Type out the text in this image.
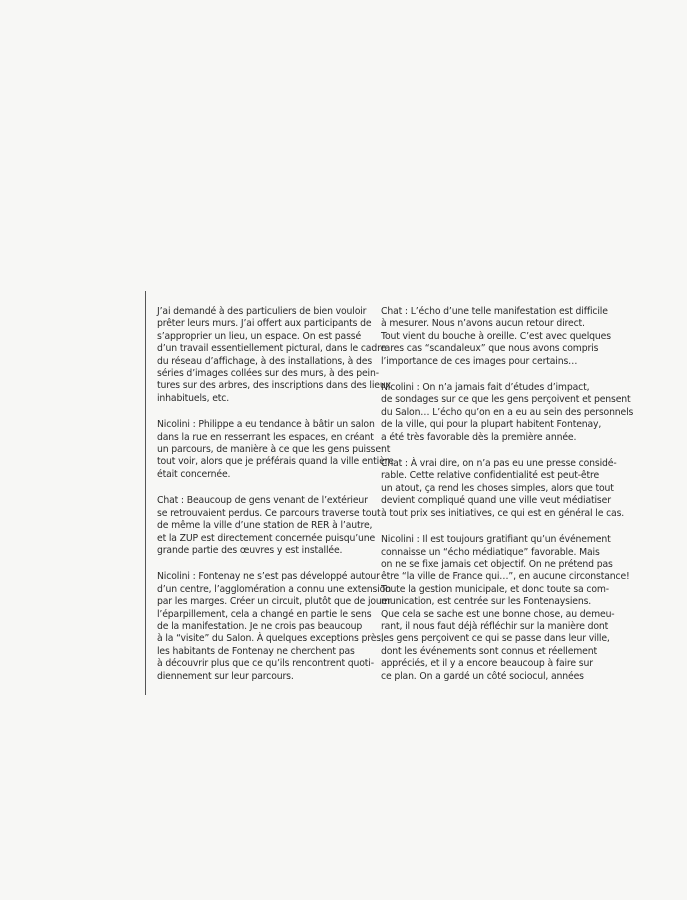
J’ai demandé à des particuliers de bien vouloir
prêter leurs murs. J’ai offert aux participants de
s’approprier un lieu, un espace. On est passé
d’un travail essentiellement pictural, dans le cadre
du réseau d’affichage, à des installations, à des
séries d’images collées sur des murs, à des pein-
tures sur des arbres, des inscriptions dans des lieux
inhabituels, etc.

Nicolini : Philippe a eu tendance à bâtir un salon
dans la rue en resserrant les espaces, en créant
un parcours, de manière à ce que les gens puissent
tout voir, alors que je préférais quand la ville entière
était concernée.

Chat : Beaucoup de gens venant de l’extérieur
se retrouvaient perdus. Ce parcours traverse tout
de même la ville d’une station de RER à l’autre,
et la ZUP est directement concernée puisqu’une
grande partie des œuvres y est installée.

Nicolini : Fontenay ne s’est pas développé autour
d’un centre, l’agglomération a connu une extension
par les marges. Créer un circuit, plutôt que de jouer
l’éparpillement, cela a changé en partie le sens
de la manifestation. Je ne crois pas beaucoup
à la “visite” du Salon. À quelques exceptions près,
les habitants de Fontenay ne cherchent pas
à découvrir plus que ce qu’ils rencontrent quoti-
diennement sur leur parcours.

Chat : L’écho d’une telle manifestation est difficile
à mesurer. Nous n’avons aucun retour direct.
Tout vient du bouche à oreille. C’est avec quelques
rares cas “scandaleux” que nous avons compris
l’importance de ces images pour certains…

Nicolini : On n’a jamais fait d’études d’impact,
de sondages sur ce que les gens perçoivent et pensent
du Salon… L’écho qu’on en a eu au sein des personnels
de la ville, qui pour la plupart habitent Fontenay,
a été très favorable dès la première année.

Chat : À vrai dire, on n’a pas eu une presse considé-
rable. Cette relative confidentialité est peut-être
un atout, ça rend les choses simples, alors que tout
devient compliqué quand une ville veut médiatiser
à tout prix ses initiatives, ce qui est en général le cas.

Nicolini : Il est toujours gratifiant qu’un événement
connaisse un “écho médiatique” favorable. Mais
on ne se fixe jamais cet objectif. On ne prétend pas
être “la ville de France qui…”, en aucune circonstance!
Toute la gestion municipale, et donc toute sa com-
munication, est centrée sur les Fontenaysiens.
Que cela se sache est une bonne chose, au demeu-
rant, il nous faut déjà réfléchir sur la manière dont
les gens perçoivent ce qui se passe dans leur ville,
dont les événements sont connus et réellement
appréciés, et il y a encore beaucoup à faire sur
ce plan. On a gardé un côté sociocul, années
